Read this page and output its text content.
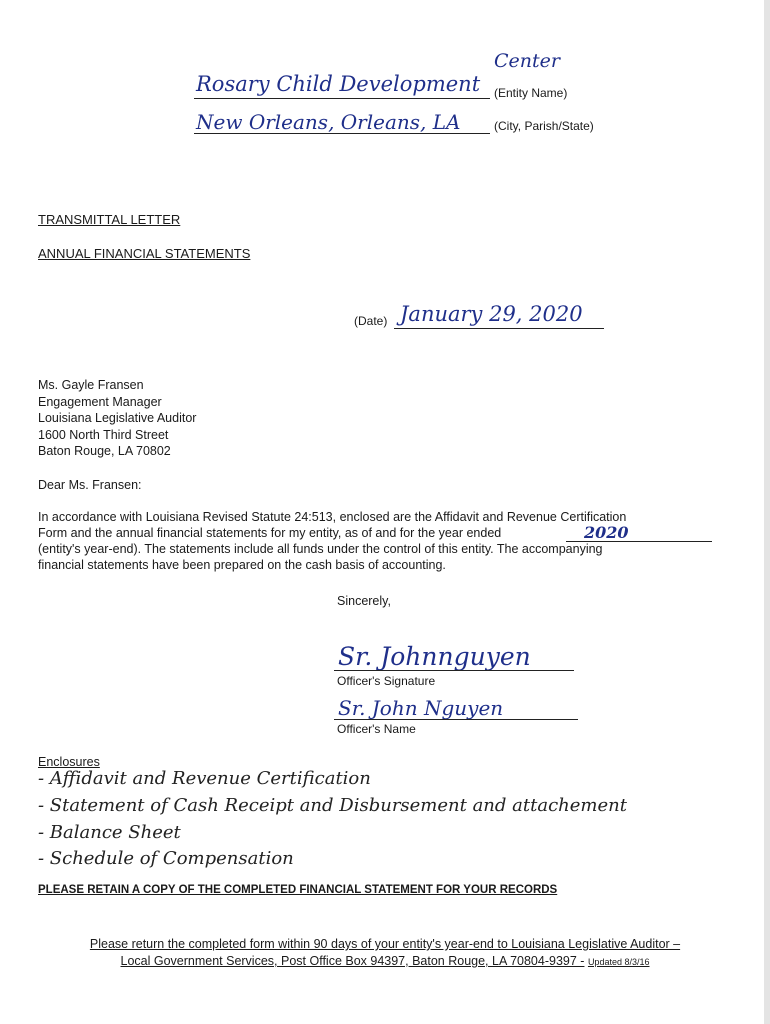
Center
Rosary Child Development (Entity Name)
New Orleans, Orleans, LA	(City, Parish/State)
TRANSMITTAL LETTER
ANNUAL FINANCIAL STATEMENTS
(Date) January 29, 2020
Ms. Gayle Fransen
Engagement Manager
Louisiana Legislative Auditor
1600 North Third Street
Baton Rouge, LA 70802
Dear Ms. Fransen:
In accordance with Louisiana Revised Statute 24:513, enclosed are the Affidavit and Revenue Certification
Form and the annual financial statements for my entity, as of and for the year ended
(entity's year-end). The statements include all funds under the control of this entity. The accompanying
financial statements have been prepared on the cash basis of accounting.
2020
Sincerely,
Sr. Johnnguyen
Officer's Signature
Sr. John Nguyen
Officer's Name
Enclosures
- Affidavit and Revenue Certification
- Statement of Cash Receipt and Disbursement and attachement
- Balance Sheet
- Schedule of Compensation
PLEASE RETAIN A COPY OF THE COMPLETED FINANCIAL STATEMENT FOR YOUR RECORDS
Please return the completed form within 90 days of your entity's year-end to Louisiana Legislative Auditor –
Local Government Services, Post Office Box 94397, Baton Rouge, LA 70804-9397 - Updated 8/3/16
